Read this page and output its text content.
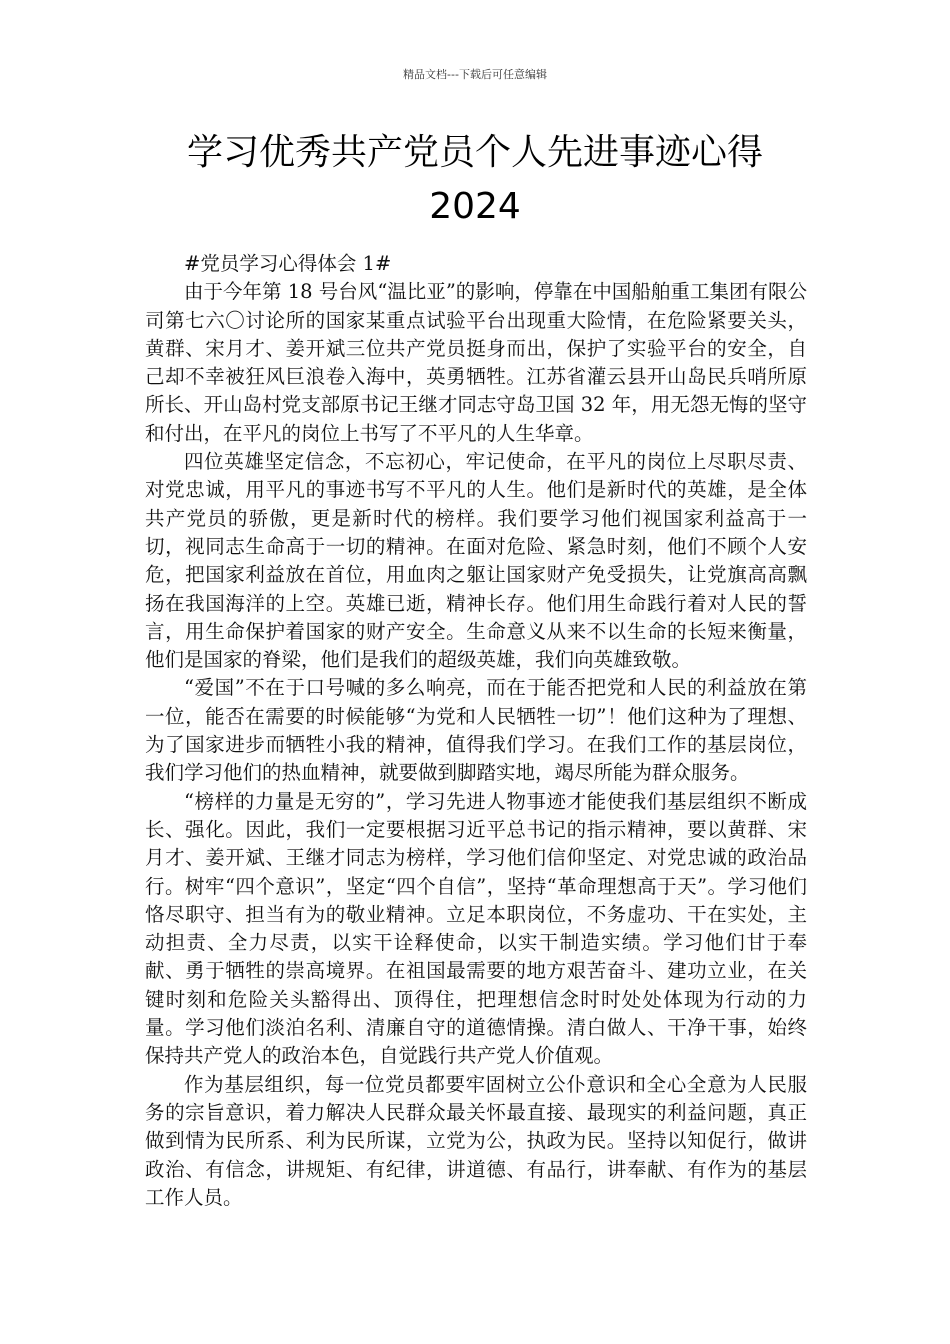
精品文档---下载后可任意编辑
学习优秀共产党员个人先进事迹心得
2024

#党员学习心得体会 1#

由于今年第 18 号台风“温比亚”的影响，停靠在中国船舶重工集团有限公司第七六〇讨论所的国家某重点试验平台出现重大险情，在危险紧要关头，黄群、宋月才、姜开斌三位共产党员挺身而出，保护了实验平台的安全，自己却不幸被狂风巨浪卷入海中，英勇牺牲。江苏省灌云县开山岛民兵哨所原所长、开山岛村党支部原书记王继才同志守岛卫国 32 年，用无怨无悔的坚守和付出，在平凡的岗位上书写了不平凡的人生华章。

四位英雄坚定信念，不忘初心，牢记使命，在平凡的岗位上尽职尽责、对党忠诚，用平凡的事迹书写不平凡的人生。他们是新时代的英雄，是全体共产党员的骄傲，更是新时代的榜样。我们要学习他们视国家利益高于一切，视同志生命高于一切的精神。在面对危险、紧急时刻，他们不顾个人安危，把国家利益放在首位，用血肉之躯让国家财产免受损失，让党旗高高飘扬在我国海洋的上空。英雄已逝，精神长存。他们用生命践行着对人民的誓言，用生命保护着国家的财产安全。生命意义从来不以生命的长短来衡量，他们是国家的脊梁，他们是我们的超级英雄，我们向英雄致敬。

“爱国”不在于口号喊的多么响亮，而在于能否把党和人民的利益放在第一位，能否在需要的时候能够“为党和人民牺牲一切”！他们这种为了理想、为了国家进步而牺牲小我的精神，值得我们学习。在我们工作的基层岗位，我们学习他们的热血精神，就要做到脚踏实地，竭尽所能为群众服务。

“榜样的力量是无穷的”，学习先进人物事迹才能使我们基层组织不断成长、强化。因此，我们一定要根据习近平总书记的指示精神，要以黄群、宋月才、姜开斌、王继才同志为榜样，学习他们信仰坚定、对党忠诚的政治品行。树牢“四个意识”，坚定“四个自信”，坚持“革命理想高于天”。学习他们恪尽职守、担当有为的敬业精神。立足本职岗位，不务虚功、干在实处，主动担责、全力尽责，以实干诠释使命，以实干制造实绩。学习他们甘于奉献、勇于牺牲的崇高境界。在祖国最需要的地方艰苦奋斗、建功立业，在关键时刻和危险关头豁得出、顶得住，把理想信念时时处处体现为行动的力量。学习他们淡泊名利、清廉自守的道德情操。清白做人、干净干事，始终保持共产党人的政治本色，自觉践行共产党人价值观。

作为基层组织，每一位党员都要牢固树立公仆意识和全心全意为人民服务的宗旨意识，着力解决人民群众最关怀最直接、最现实的利益问题，真正做到情为民所系、利为民所谋，立党为公，执政为民。坚持以知促行，做讲政治、有信念，讲规矩、有纪律，讲道德、有品行，讲奉献、有作为的基层工作人员。
